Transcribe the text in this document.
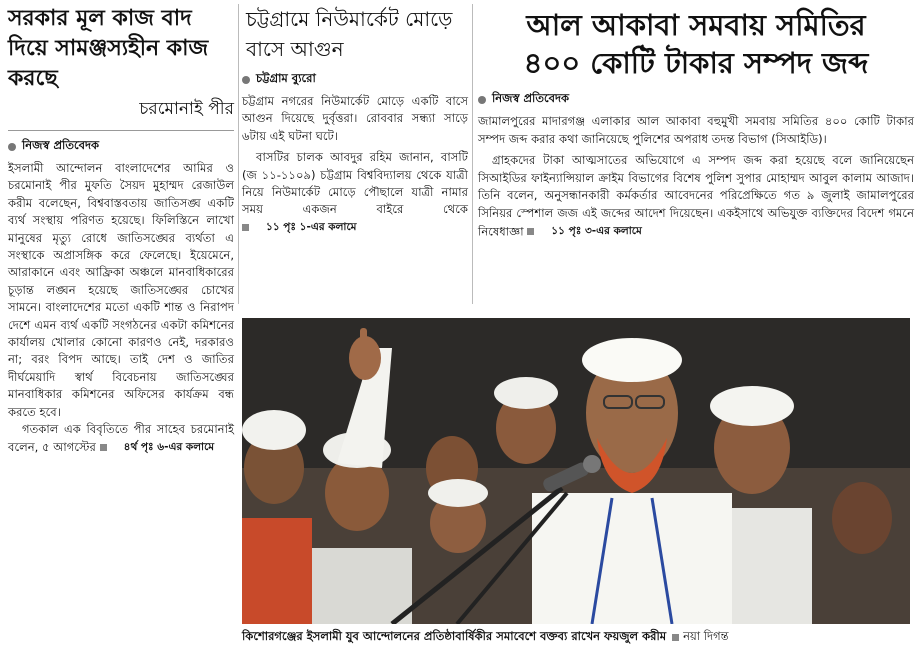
সরকার মূল কাজ বাদ দিয়ে সামঞ্জস্যহীন কাজ করছে
চরমোনাই পীর
নিজস্ব প্রতিবেদক

ইসলামী আন্দোলন বাংলাদেশের আমির ও চরমোনাই পীর মুফতি সৈয়দ মুহাম্মদ রেজাউল করীম বলেছেন, বিশ্ববাস্তবতায় জাতিসঙ্ঘ একটি ব্যর্থ সংস্থায় পরিণত হয়েছে। ফিলিস্তিনে লাখো মানুষের মৃত্যু রোধে জাতিসঙ্ঘের ব্যর্থতা এ সংস্থাকে অপ্রাসঙ্গিক করে ফেলেছে। ইয়েমেনে, আরাকানে এবং আফ্রিকা অঞ্চলে মানবাধিকারের চূড়ান্ত লঙ্ঘন হয়েছে জাতিসঙ্ঘের চোখের সামনে। বাংলাদেশের মতো একটি শান্ত ও নিরাপদ দেশে এমন ব্যর্থ একটি সংগঠনের একটা কমিশনের কার্যালয় খোলার কোনো কারণও নেই, দরকারও না; বরং বিপদ আছে। তাই দেশ ও জাতির দীর্ঘমেয়াদি স্বার্থ বিবেচনায় জাতিসঙ্ঘের মানবাধিকার কমিশনের অফিসের কার্যক্রম বন্ধ করতে হবে।

গতকাল এক বিবৃতিতে পীর সাহেব চরমোনাই বলেন, ৫ আগস্টের	৪র্থ পৃঃ ৬-এর কলামে

চট্টগ্রামে নিউমার্কেট মোড়ে বাসে আগুন
চট্টগ্রাম ব্যুরো

চট্টগ্রাম নগরের নিউমার্কেট মোড়ে একটি বাসে আগুন দিয়েছে দুর্বৃত্তরা। রোববার সন্ধ্যা সাড়ে ৬টায় এই ঘটনা ঘটে।

বাসটির চালক আবদুর রহিম জানান, বাসটি (জ ১১-১১০৯) চট্টগ্রাম বিশ্ববিদ্যালয় থেকে যাত্রী নিয়ে নিউমার্কেট মোড়ে পৌছালে যাত্রী নামার সময় একজন বাইরে থেকে
১১ পৃঃ ১-এর কলামে

আল আকাবা সমবায় সমিতির
৪০০ কোটি টাকার সম্পদ জব্দ
নিজস্ব প্রতিবেদক

জামালপুরের মাদারগঞ্জ এলাকার আল আকাবা বহুমুখী সমবায় সমিতির ৪০০ কোটি টাকার সম্পদ জব্দ করার কথা জানিয়েছে পুলিশের অপরাধ তদন্ত বিভাগ (সিআইডি)।

গ্রাহকদের টাকা আত্মসাতের অভিযোগে এ সম্পদ জব্দ করা হয়েছে বলে জানিয়েছেন সিআইডির ফাইন্যান্সিয়াল ক্রাইম বিভাগের বিশেষ পুলিশ সুপার মোহাম্মদ আবুল কালাম আজাদ। তিনি বলেন, অনুসন্ধানকারী কর্মকর্তার আবেদনের পরিপ্রেক্ষিতে গত ৯ জুলাই জামালপুরের সিনিয়র স্পেশাল জজ এই জব্দের আদেশ দিয়েছেন। একইসাথে অভিযুক্ত ব্যক্তিদের বিদেশ গমনে নিষেধাজ্ঞা	১১ পৃঃ ৩-এর কলামে

কিশোরগঞ্জের ইসলামী যুব আন্দোলনের প্রতিষ্ঠাবার্ষিকীর সমাবেশে বক্তব্য রাখেন ফয়জুল করীম নয়া দিগন্ত
